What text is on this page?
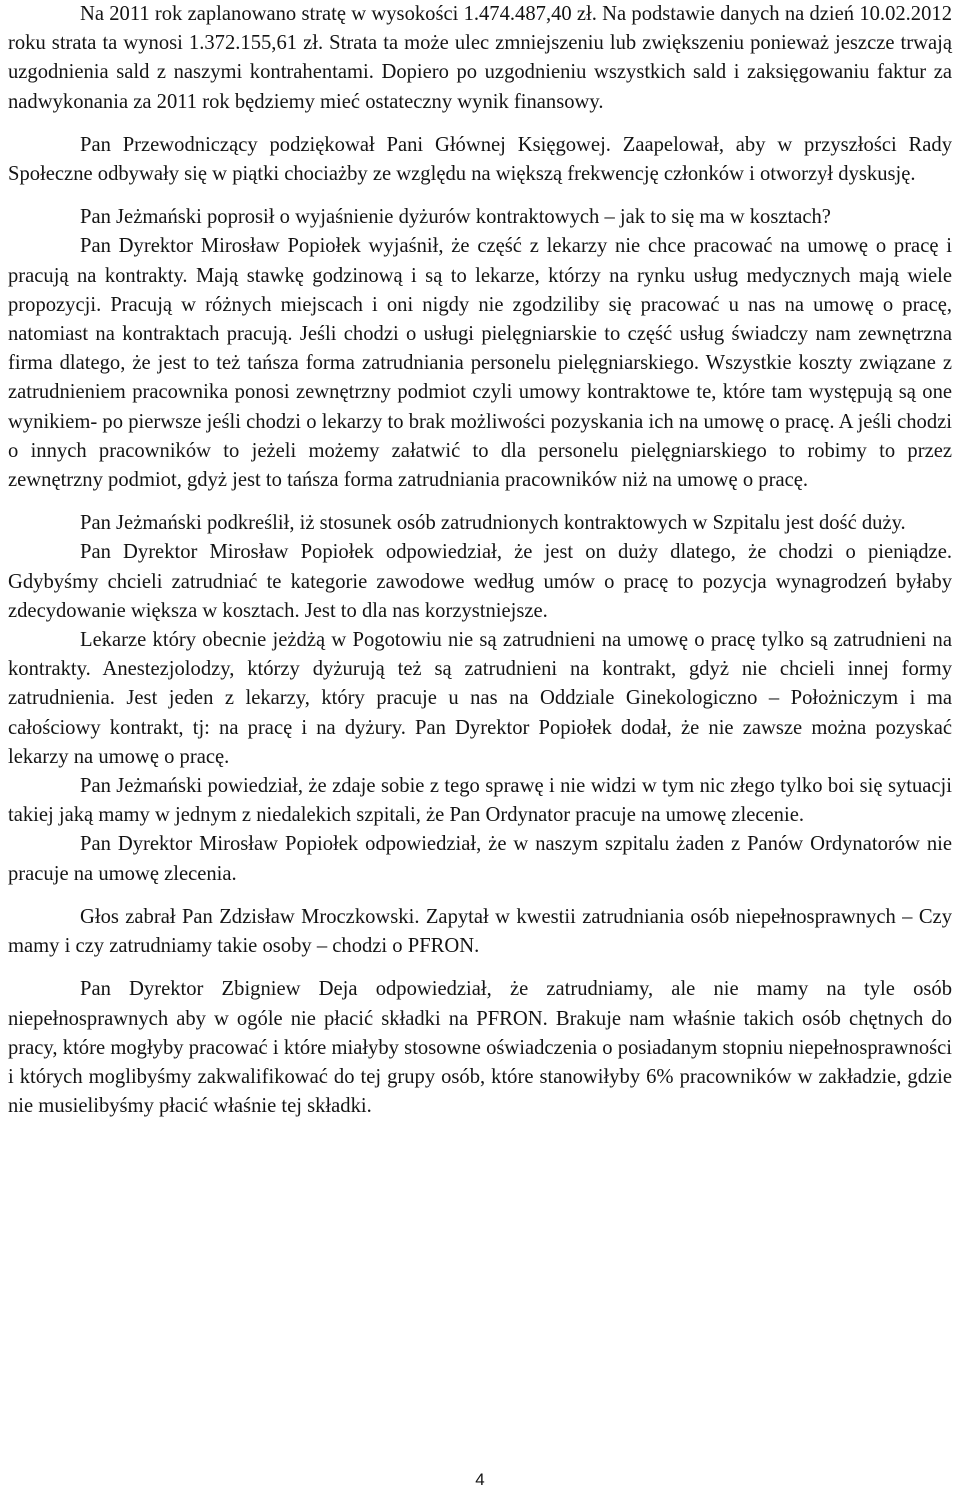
Na 2011 rok zaplanowano stratę w wysokości 1.474.487,40 zł. Na podstawie danych na dzień 10.02.2012 roku strata ta wynosi 1.372.155,61 zł. Strata ta może ulec zmniejszeniu lub zwiększeniu ponieważ jeszcze trwają uzgodnienia sald z naszymi kontrahentami. Dopiero po uzgodnieniu wszystkich sald i zaksięgowaniu faktur za nadwykonania za 2011 rok będziemy mieć ostateczny wynik finansowy.

Pan Przewodniczący podziękował Pani Głównej Księgowej. Zaapelował, aby w przyszłości Rady Społeczne odbywały się w piątki chociażby ze względu na większą frekwencję członków i otworzył dyskusję.

Pan Jeżmański poprosił o wyjaśnienie dyżurów kontraktowych – jak to się ma w kosztach?

Pan Dyrektor Mirosław Popiołek wyjaśnił, że część z lekarzy nie chce pracować na umowę o pracę i pracują na kontrakty. Mają stawkę godzinową i są to lekarze, którzy na rynku usług medycznych mają wiele propozycji. Pracują w różnych miejscach i oni nigdy nie zgodziliby się pracować u nas na umowę o pracę, natomiast na kontraktach pracują. Jeśli chodzi o usługi pielęgniarskie to część usług świadczy nam zewnętrzna firma dlatego, że jest to też tańsza forma zatrudniania personelu pielęgniarskiego. Wszystkie koszty związane z zatrudnieniem pracownika ponosi zewnętrzny podmiot czyli umowy kontraktowe te, które tam występują są one wynikiem- po pierwsze jeśli chodzi o lekarzy to brak możliwości pozyskania ich na umowę o pracę. A jeśli chodzi o innych pracowników to jeżeli możemy załatwić to dla personelu pielęgniarskiego to robimy to przez zewnętrzny podmiot, gdyż jest to tańsza forma zatrudniania pracowników niż na umowę o pracę.

Pan Jeżmański podkreślił, iż stosunek osób zatrudnionych kontraktowych w Szpitalu jest dość duży.

Pan Dyrektor Mirosław Popiołek odpowiedział, że jest on duży dlatego, że chodzi o pieniądze. Gdybyśmy chcieli zatrudniać te kategorie zawodowe według umów o pracę to pozycja wynagrodzeń byłaby zdecydowanie większa w kosztach. Jest to dla nas korzystniejsze.

Lekarze który obecnie jeżdżą w Pogotowiu nie są zatrudnieni na umowę o pracę tylko są zatrudnieni na kontrakty. Anestezjolodzy, którzy dyżurują też są zatrudnieni na kontrakt, gdyż nie chcieli innej formy zatrudnienia. Jest jeden z lekarzy, który pracuje u nas na Oddziale Ginekologiczno – Położniczym i ma całościowy kontrakt, tj: na pracę i na dyżury. Pan Dyrektor Popiołek dodał, że nie zawsze można pozyskać lekarzy na umowę o pracę.

Pan Jeżmański powiedział, że zdaje sobie z tego sprawę i nie widzi w tym nic złego tylko boi się sytuacji takiej jaką mamy w jednym z niedalekich szpitali, że Pan Ordynator pracuje na umowę zlecenie.

Pan Dyrektor Mirosław Popiołek odpowiedział, że w naszym szpitalu żaden z Panów Ordynatorów nie pracuje na umowę zlecenia.

Głos zabrał Pan Zdzisław Mroczkowski. Zapytał w kwestii zatrudniania osób niepełnosprawnych – Czy mamy i czy zatrudniamy takie osoby – chodzi o PFRON.

Pan Dyrektor Zbigniew Deja odpowiedział, że zatrudniamy, ale nie mamy na tyle osób niepełnosprawnych aby w ogóle nie płacić składki na PFRON. Brakuje nam właśnie takich osób chętnych do pracy, które mogłyby pracować i które miałyby stosowne oświadczenia o posiadanym stopniu niepełnosprawności i których moglibyśmy zakwalifikować do tej grupy osób, które stanowiłyby 6% pracowników w zakładzie, gdzie nie musielibyśmy płacić właśnie tej składki.

4
